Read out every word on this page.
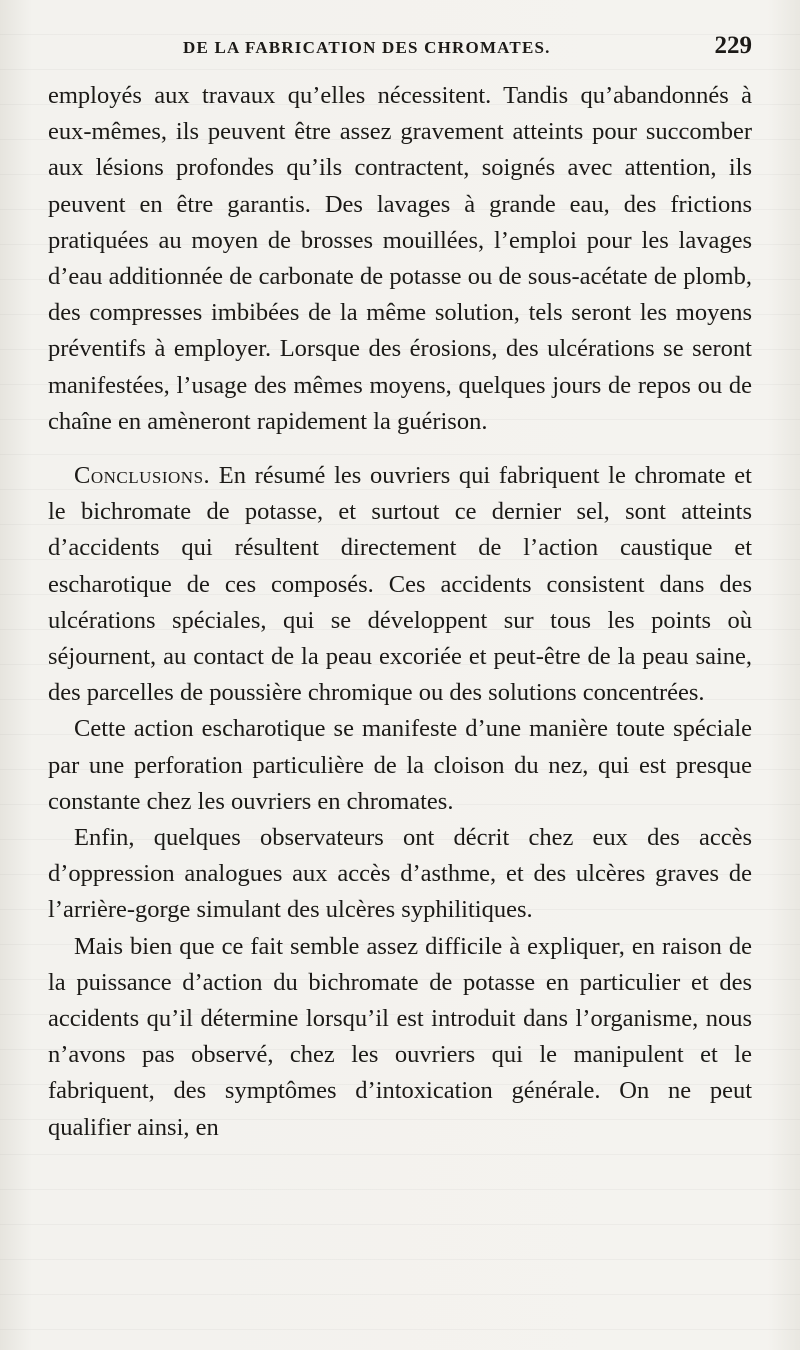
DE LA FABRICATION DES CHROMATES.	229

employés aux travaux qu’elles nécessitent. Tandis qu’abandonnés à eux-mêmes, ils peuvent être assez gravement atteints pour succomber aux lésions profondes qu’ils contractent, soignés avec attention, ils peuvent en être garantis. Des lavages à grande eau, des frictions pratiquées au moyen de brosses mouillées, l’emploi pour les lavages d’eau additionnée de carbonate de potasse ou de sous-acétate de plomb, des compresses imbibées de la même solution, tels seront les moyens préventifs à employer. Lorsque des érosions, des ulcérations se seront manifestées, l’usage des mêmes moyens, quelques jours de repos ou de chaîne en amèneront rapidement la guérison.

Conclusions. En résumé les ouvriers qui fabriquent le chromate et le bichromate de potasse, et surtout ce dernier sel, sont atteints d’accidents qui résultent directement de l’action caustique et escharotique de ces composés. Ces accidents consistent dans des ulcérations spéciales, qui se développent sur tous les points où séjournent, au contact de la peau excoriée et peut-être de la peau saine, des parcelles de poussière chromique ou des solutions concentrées.

Cette action escharotique se manifeste d’une manière toute spéciale par une perforation particulière de la cloison du nez, qui est presque constante chez les ouvriers en chromates.

Enfin, quelques observateurs ont décrit chez eux des accès d’oppression analogues aux accès d’asthme, et des ulcères graves de l’arrière-gorge simulant des ulcères syphilitiques.

Mais bien que ce fait semble assez difficile à expliquer, en raison de la puissance d’action du bichromate de potasse en particulier et des accidents qu’il détermine lorsqu’il est introduit dans l’organisme, nous n’avons pas observé, chez les ouvriers qui le manipulent et le fabriquent, des symptômes d’intoxication générale. On ne peut qualifier ainsi, en
